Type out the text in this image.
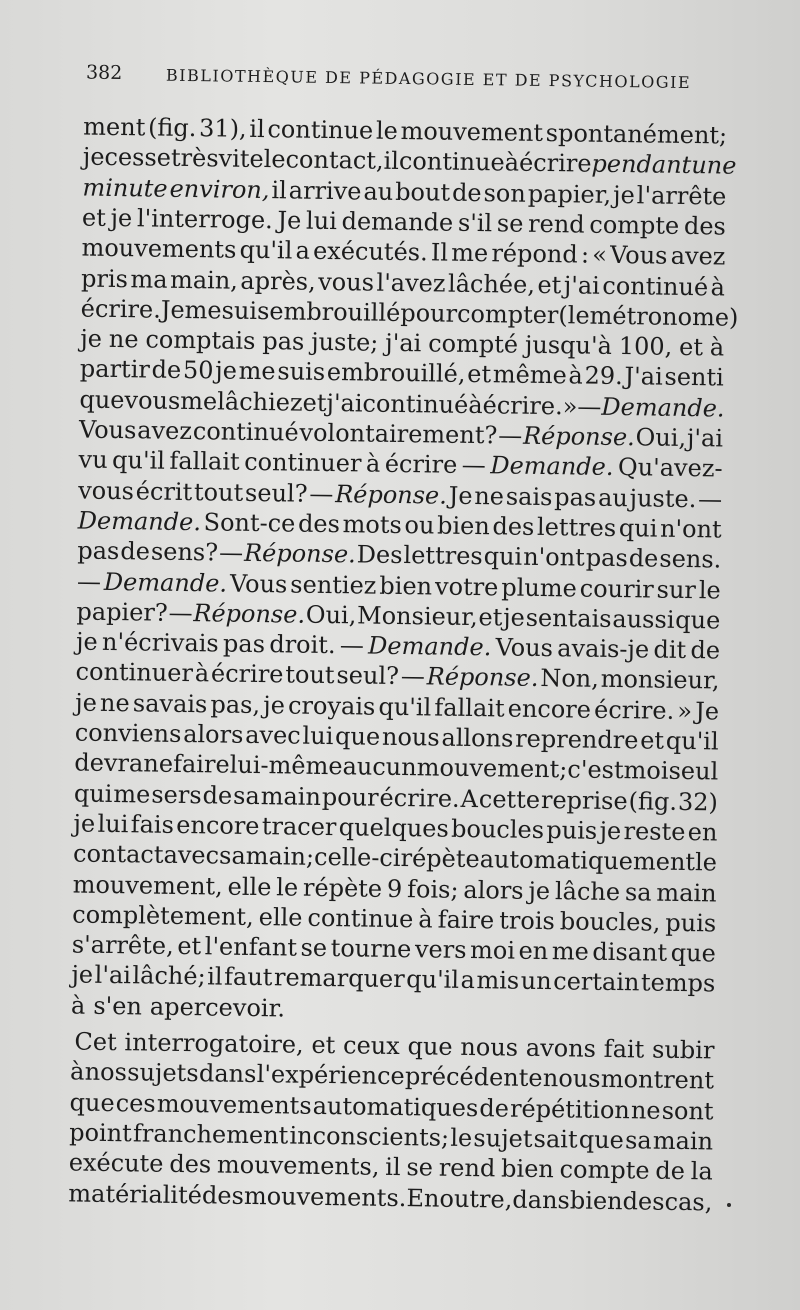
382	BIBLIOTHÈQUE DE PÉDAGOGIE ET DE PSYCHOLOGIE
ment (fig. 31), il continue le mouvement spontanément;
je cesse très vite le contact, il continue à écrire pendant une
minute environ, il arrive au bout de son papier, je l'arrête
et je l'interroge. Je lui demande s'il se rend compte des
mouvements qu'il a exécutés. Il me répond : « Vous avez
pris ma main, après, vous l'avez lâchée, et j'ai continué à
écrire. Je me suis embrouillé pour compter (le métronome)
je ne comptais pas juste; j'ai compté jusqu'à 100, et à
partir de 50 je me suis embrouillé, et même à 29. J'ai senti
que vous me lâchiez et j'ai continué à écrire. » — Demande.
Vous avez continué volontairement? — Réponse. Oui, j'ai
vu qu'il fallait continuer à écrire — Demande. Qu'avez-
vous écrit tout seul? — Réponse. Je ne sais pas au juste. —
Demande. Sont-ce des mots ou bien des lettres qui n'ont
pas de sens? — Réponse. Des lettres qui n'ont pas de sens.
— Demande. Vous sentiez bien votre plume courir sur le
papier? — Réponse. Oui, Monsieur, et je sentais aussi que
je n'écrivais pas droit. — Demande. Vous avais-je dit de
continuer à écrire tout seul? — Réponse. Non, monsieur,
je ne savais pas, je croyais qu'il fallait encore écrire. » Je
conviens alors avec lui que nous allons reprendre et qu'il
devra ne faire lui-même aucun mouvement; c'est moi seul
qui me sers de sa main pour écrire. A cette reprise (fig. 32)
je lui fais encore tracer quelques boucles puis je reste en
contact avec sa main; celle-ci répète automatiquement le
mouvement, elle le répète 9 fois; alors je lâche sa main
complètement, elle continue à faire trois boucles, puis
s'arrête, et l'enfant se tourne vers moi en me disant que
je l'ai lâché; il faut remarquer qu'il a mis un certain temps
à s'en apercevoir.
Cet interrogatoire, et ceux que nous avons fait subir
à nos sujets dans l'expérience précédente nous montrent
que ces mouvements automatiques de répétition ne sont
point franchement inconscients; le sujet sait que sa main
exécute des mouvements, il se rend bien compte de la
matérialité des mouvements. En outre, dans bien des cas,
